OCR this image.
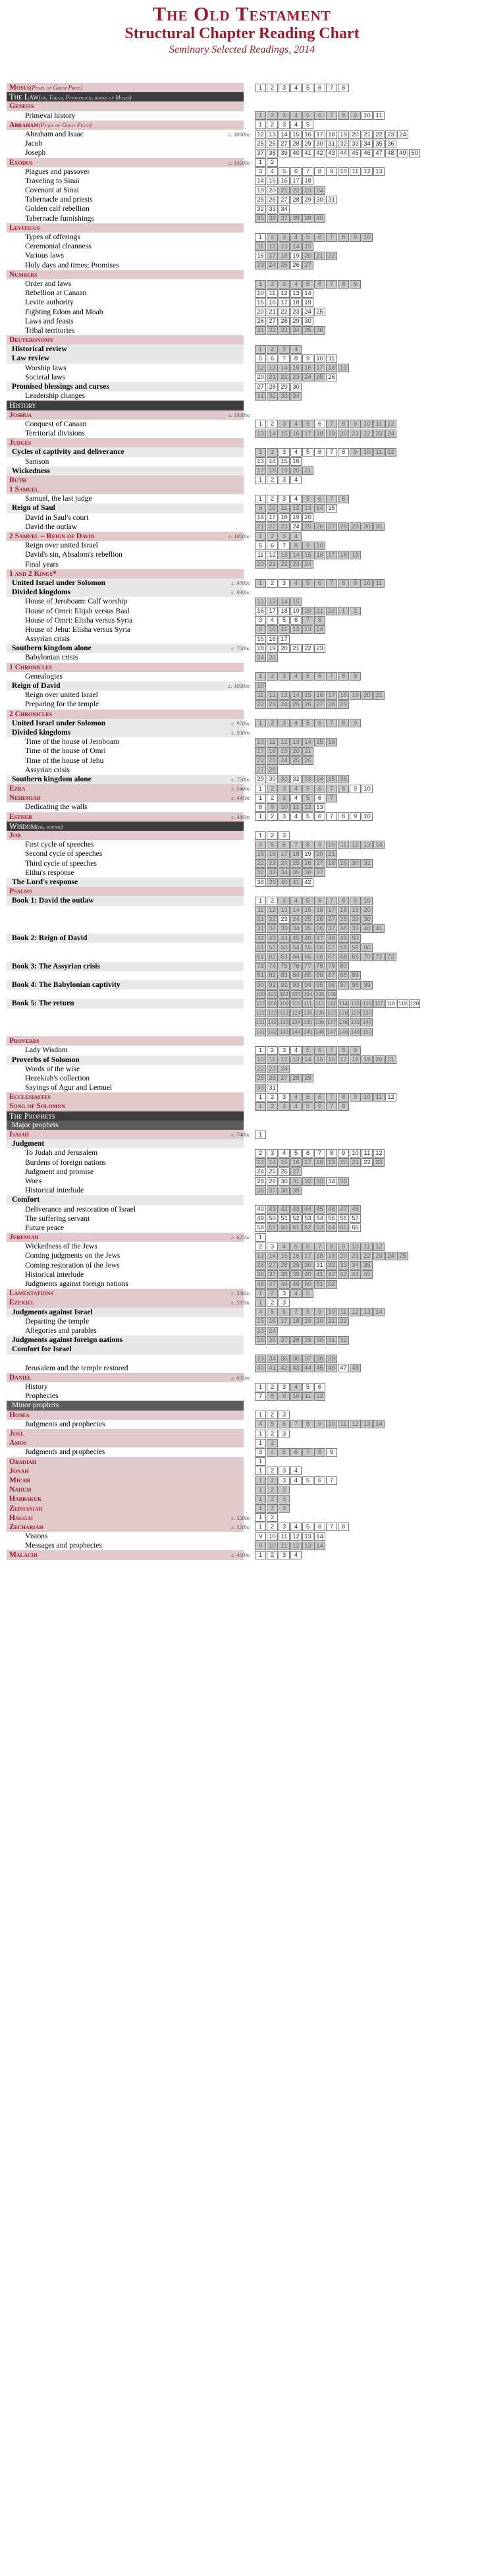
The Old Testament
Structural Chapter Reading Chart
Seminary Selected Readings, 2014
Moses(Pearl of Great Price)	1	2	3	4	5	6	7	8
The Law(or, Torah, Pentateuch, books of Moses)
Genesis
Primeval history	1	2	3	4	5	6	7	8	9	10 11
Abraham(Pearl of Great Price)	1	2	3	4	5
Abraham and Isaac	c. 1800bc	12 13 14 15 16 17 18 19 20 21 22 23 24
Jacob	25 26 27 28 29 30 31 32 33 34 35 36
Joseph	37 38 39 40 41 42 43 44 45 46 47 48 49 50
Exodus	c. 1450bc	1	2
Plagues and passover	3	4	5	6	7	8	9	10 11 12 13
Traveling to Sinai	14 15 16 17 18
Covenant at Sinai	19 20 21 22 23 24
Tabernacle and priests	25 26 27 28 29 30 31
Golden calf rebellion	32 33 34
Tabernacle furnishings	35 36 37 38 39 40
Leviticus
Types of offerings	1	2	3	4	5	6	7	8	9	10
Ceremonial cleanness	11 12 13 14 15
Various laws	16 17 18 19 20 21 22
Holy days and times; Promises	23 24 25 26 27
Numbers
Order and laws	1	2	3	4	5	6	7	8	9
Rebellion at Canaan	10 11 12 13 14
Levite authority	15 16 17 18 19
Fighting Edom and Moab	20 21 22 23 24 25
Laws and feasts	26 27 28 29 30
Tribal territories	31 32 33 34 35 36
Deuteronomy
Historical review	1	2	3	4
Law review	5	6	7	8	9	10 11
Worship laws	12 13 14 15 16 17 18 19
Societal laws	20 21 22 23 24 25 26
Promised blessings and curses	27 28 29 30
Leadership changes	31 32 33 34
History
Joshua	c. 1300bc
Conquest of Canaan	1	2	3	4	5	6	7	8	9	10 11 12
Territorial divisions	13 14 15 16 17 18 19 20 21 22 23 24
Judges
Cycles of captivity and deliverance	1	2	3	4	5	6	7	8	9	10 11 12
Samson	13 14 15 16
Wickedness	17 18 19 20 21
Ruth	1	2	3	4
1 Samuel
Samuel, the last judge	1	2	3	4	5	6	7	8
Reign of Saul	9	10 11 12 13 14 15
David in Saul's court	16 17 18 19 20
David the outlaw	21 22 23 24 25 26 27 28 29 30 31
2 Samuel – Reign of David	c. 1000bc	1	2	3	4
Reign over united Israel	5	6	7	8	9	10
David's sin, Absalom's rebellion	11 12 13 14 15 16 17 18 19
Final years	20 21 22 23 24
1 and 2 Kings*
United Israel under Solomon	c. 970bc	1	2	3	4	5	6	7	8	9	10 11
Divided kingdoms	c. 930bc
House of Jeroboam: Calf worship	12 13 14 15
House of Omri: Elijah versus Baal	16 17 18 19 20 21 22	1	2
House of Omri: Elisha versus Syria	3	4	5	6	7	8
House of Jehu: Elisha versus Syria	9	10 11 12 13 14
Assyrian crisis	15 16 17
Southern kingdom alone	c. 720bc	18 19 20 21 22 23
Babylonian crisis	24 25
1 Chronicles
Genealogies	1	2	3	4	5	6	7	8	9
Reign of David	c. 1000bc	10
Reign over united Israel	11 12 13 14 15 16 17 18 19 20 21
Preparing for the temple	22 23 24 25 26 27 28 29
2 Chronicles
United Israel under Solomon	c. 970bc	1	2	3	4	5	6	7	8	9
Divided kingdoms	c. 930bc
Time of the house of Jeroboam	10 11 12 13 14 15 16
Time of the house of Omri	17 18 19 20 21
Time of the house of Jehu	22 23 24 25 26
Assyrian crisis	27 28
Southern kingdom alone	c. 720bc	29 30 31 32 33 34 35 36
Ezra	c. 540bc	1	2	3	4	5	6	7	8	9	10
Nehemiah	c. 445bc	1	2	3	4	5	6	7
Dedicating the walls	8	9	10 11 12 13
Esther	c. 485bc	1	2	3	4	5	6	7	8	9	10
Wisdom(or, poetry)
Job	1	2	3
First cycle of speeches	4	5	6	7	8	9	10 11 12 13 14
Second cycle of speeches	15 16 17 18 19 20 21
Third cycle of speeches	22 23 24 25 26 27 28 29 30 31
Elihu's response	32 33 34 35 36 37
The Lord's response	38 39 40 41 42
Psalms
Book 1: David the outlaw	1	2	3	4	5	6	7	8	9	10
11 12 13 14 15 16 17 18 19 20
21 22 23 24 25 26 27 28 29 30
31 32 33 34 35 36 37 38 39 40 41
Book 2: Reign of David	42 43 44 45 46 47 48 49 50
51 52 53 54 55 56 57 58 59 60
61 62 63 64 65 66 67 68 69 70 71 72
Book 3: The Assyrian crisis	73 74 75 76 77 78 79 80
81 82 83 84 85 86 87 88 89
Book 4: The Babylonian captivity	90 91 92 93 94 95 96 97 98 99
100 101 102 103 104 105 106
Book 5: The return	107 108 109 110 111 112 113 114 115 116 117 118 119 120
121 122 123 124 125 126 127 128 129 130
131 132 133 134 135 136 137 138 139 140
141 142 143 144 145 146 147 148 149 150
Proverbs
Lady Wisdom	1	2	3	4	5	6	7	8	9
Proverbs of Solomon	10 11 12 13 14 15 16 17 18 19 20 21
Words of the wise	22 23 24
Hezekiah's collection	25 26 27 28 29
Sayings of Agur and Lemuel	30 31
Ecclesiastes	1	2	3	4	5	6	7	8	9	10 11 12
Song of Solomon	1	2	3	4	5	6	7	8
The Prophets
Major prophets
Isaiah	c. 740bc	1
Judgment
To Judah and Jerusalem	2	3	4	5	6	7	8	9	10 11 12
Burdens of foreign nations	13 14 15 16 17 18 19 20 21 22 23
Judgment and promise	24 25 26 27
Woes	28 29 30 31 32 33 34 35
Historical interlude	36 37 38 39
Comfort
Deliverance and restoration of Israel	40 41 42 43 44 45 46 47 48
The suffering servant	49 50 51 52 53 54 55 56 57
Future peace	58 59 60 61 62 63 64 65 66
Jeremiah	c. 625bc	1
Wickedness of the Jews	2	3	4	5	6	7	8	9	10 11 12
Coming judgments on the Jews	13 14 15 16 17 18 19 20 21 22 23 24 25
Coming restoration of the Jews	26 27 28 29 30 31 32 33 34 35
Historical interlude	36 37 38 39 40 41 42 43 44 45
Judgments against foreign nations	46 47 48 49 50 51 52
Lamentations	c. 586bc	1	2	3	4	5
Ezekiel	c. 593bc	1	2	3
Judgments against Israel	4	5	6	7	8	9	10 11 12 13 14
Departing the temple	15 16 17 18 19 20 21 22
Allegories and parables	23 24
Judgments against foreign nations	25 26 27 28 29 30 31 32
Comfort for Israel
33 34 35 36 37 38 39
Jerusalem and the temple restored	40 41 42 43 44 45 46 47 48
Daniel	c. 605bc
History	1	2	3	4	5	6
Prophecies	7	8	9	10 11 12
Minor prophets
Hosea	1	2	3
Judgments and prophecies	4	5	6	7	8	9	10 11 12 13 14
Joel	1	2	3
Amos	1	2
Judgments and prophecies	3	4	5	6	7	8	9
Obadiah	1
Jonah	1	2	3	4
Micah	1	2	3	4	5	6	7
Nahum	1	2	3
Habbakuk	1	2	3
Zephaniah	1	2	3
Haggai	c. 520bc	1	2
Zechariah	c. 520bc	1	2	3	4	5	6	7	8
Visions	9	10 11 12 13 14
Messages and prophecies	9	10 11 12 13 14
Malachi	c. 400bc	1	2	3	4
